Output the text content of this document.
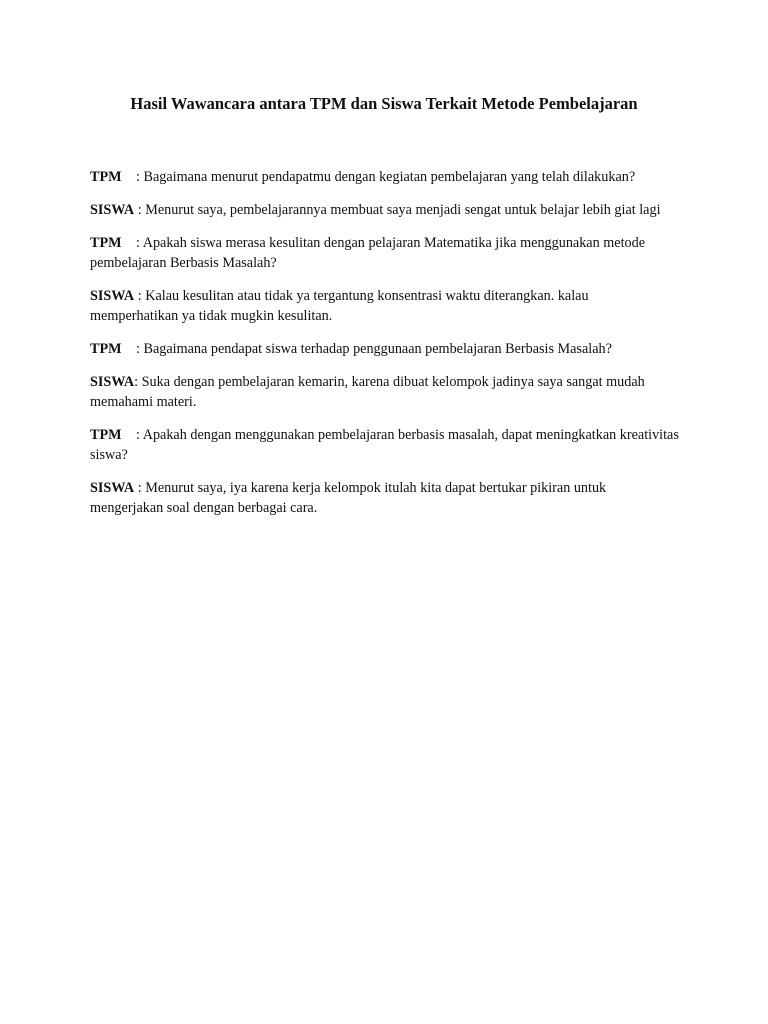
Hasil Wawancara antara TPM dan Siswa Terkait Metode Pembelajaran

TPM : Bagaimana menurut pendapatmu dengan kegiatan pembelajaran yang telah dilakukan?

SISWA : Menurut saya, pembelajarannya membuat saya menjadi sengat untuk belajar lebih giat lagi

TPM : Apakah siswa merasa kesulitan dengan pelajaran Matematika jika menggunakan metode pembelajaran Berbasis Masalah?

SISWA : Kalau kesulitan atau tidak ya tergantung konsentrasi waktu diterangkan. kalau memperhatikan ya tidak mugkin kesulitan.

TPM : Bagaimana pendapat siswa terhadap penggunaan pembelajaran Berbasis Masalah?

SISWA: Suka dengan pembelajaran kemarin, karena dibuat kelompok jadinya saya sangat mudah memahami materi.

TPM : Apakah dengan menggunakan pembelajaran berbasis masalah, dapat meningkatkan kreativitas siswa?

SISWA : Menurut saya, iya karena kerja kelompok itulah kita dapat bertukar pikiran untuk mengerjakan soal dengan berbagai cara.
